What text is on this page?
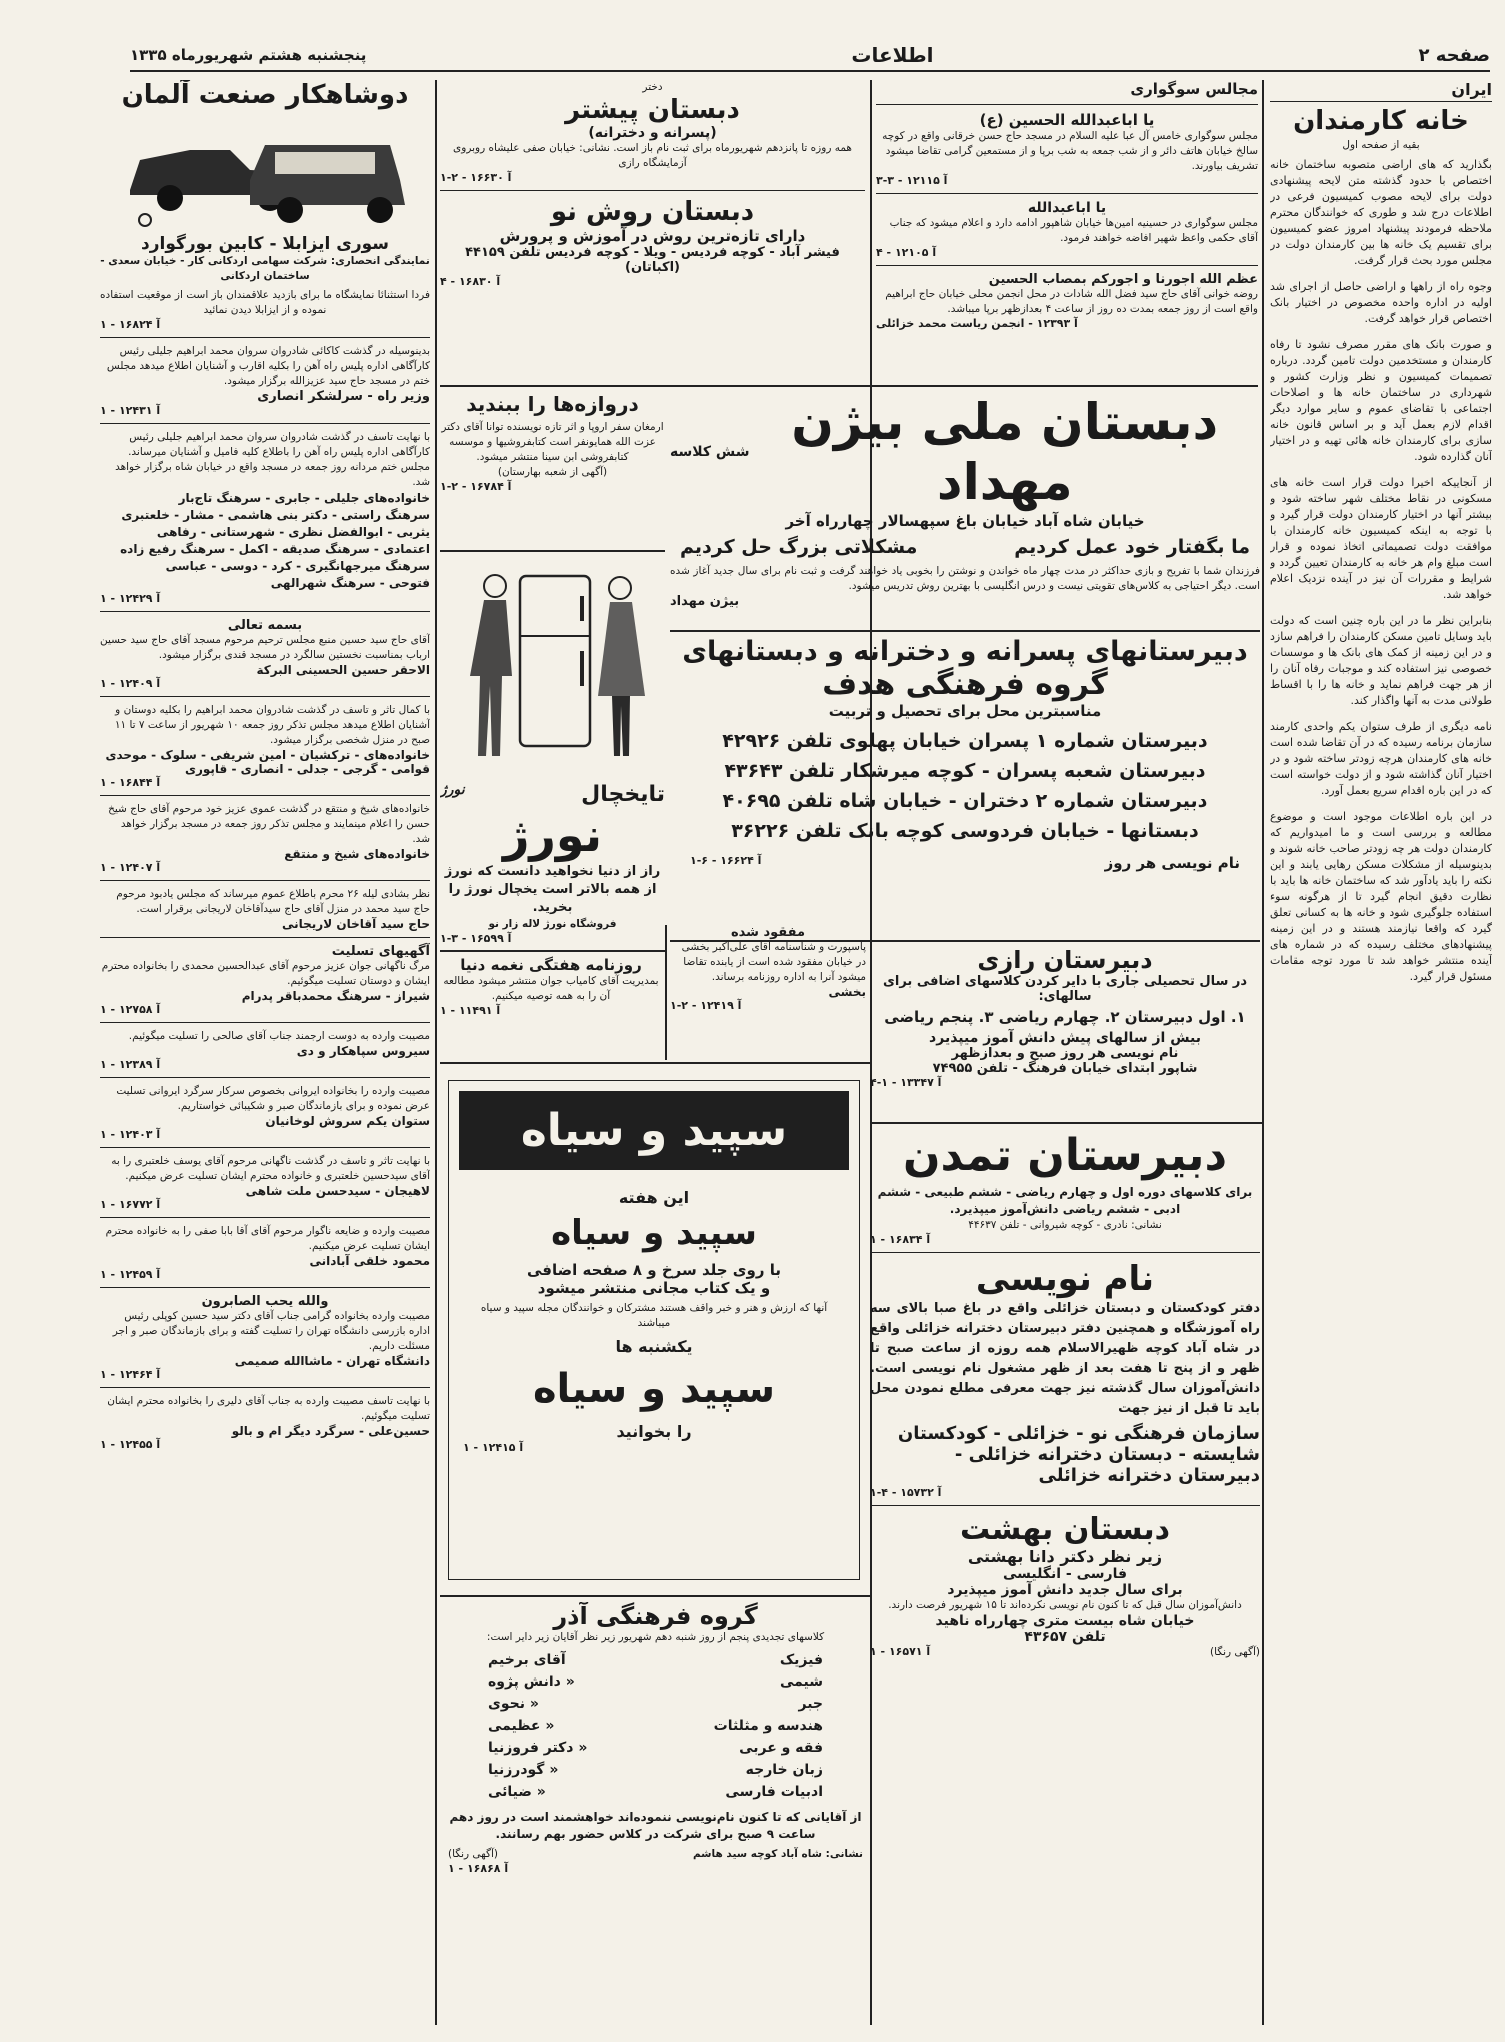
صفحه ۲
اطلاعات
پنجشنبه هشتم شهریورماه ۱۳۳۵
ایران
خانه کارمندان
بقیه از صفحه اول

بگذارید که های اراضی متصوبه ساختمان خانه اختصاص با حدود گذشته متن لایحه پیشنهادی دولت برای لایحه مصوب کمیسیون فرعی در اطلاعات درج شد و طوری که خوانندگان محترم ملاحظه فرمودند پیشنهاد امروز عضو کمیسیون برای تقسیم یک خانه ها بین کارمندان دولت در مجلس مورد بحث قرار گرفت.

وجوه راه از راهها و اراضی حاصل از اجرای شد اولیه در اداره واحده مخصوص در اختیار بانک اختصاص قرار خواهد گرفت.

و صورت بانک های مقرر مصرف نشود تا رفاه کارمندان و مستخدمین دولت تامین گردد. درباره تصمیمات کمیسیون و نظر وزارت کشور و شهرداری در ساختمان خانه ها و اصلاحات اجتماعی با تقاضای عموم و سایر موارد دیگر اقدام لازم بعمل آید و بر اساس قانون خانه سازی برای کارمندان خانه هائی تهیه و در اختیار آنان گذارده شود.

از آنجاییکه اخیرا دولت قرار است خانه های مسکونی در نقاط مختلف شهر ساخته شود و بیشتر آنها در اختیار کارمندان دولت قرار گیرد و با توجه به اینکه کمیسیون خانه کارمندان با موافقت دولت تصمیماتی اتخاذ نموده و قرار است مبلغ وام هر خانه به کارمندان تعیین گردد و شرایط و مقررات آن نیز در آینده نزدیک اعلام خواهد شد.

بنابراین نظر ما در این باره چنین است که دولت باید وسایل تامین مسکن کارمندان را فراهم سازد و در این زمینه از کمک های بانک ها و موسسات خصوصی نیز استفاده کند و موجبات رفاه آنان را از هر جهت فراهم نماید و خانه ها را با اقساط طولانی مدت به آنها واگذار کند.

نامه دیگری از طرف ستوان یکم واحدی کارمند سازمان برنامه رسیده که در آن تقاضا شده است خانه های کارمندان هرچه زودتر ساخته شود و در اختیار آنان گذاشته شود و از دولت خواسته است که در این باره اقدام سریع بعمل آورد.

در این باره اطلاعات موجود است و موضوع مطالعه و بررسی است و ما امیدواریم که کارمندان دولت هر چه زودتر صاحب خانه شوند و بدینوسیله از مشکلات مسکن رهایی یابند و این نکته را باید یادآور شد که ساختمان خانه ها باید با نظارت دقیق انجام گیرد تا از هرگونه سوء استفاده جلوگیری شود و خانه ها به کسانی تعلق گیرد که واقعا نیازمند هستند و در این زمینه پیشنهادهای مختلف رسیده که در شماره های آینده منتشر خواهد شد تا مورد توجه مقامات مسئول قرار گیرد.

مجالس سوگواری
یا اباعبدالله الحسین (ع)

مجلس سوگواری خامس آل عبا علیه السلام در مسجد حاج حسن خرقانی واقع در کوچه سالخ خیابان هاتف دائر و از شب جمعه به شب برپا و از مستمعین گرامی تقاضا میشود تشریف بیاورند.

آ ۱۲۱۱۵ - ۳-۳
یا اباعبدالله

مجلس سوگواری در حسینیه امین‌ها خیابان شاهپور ادامه دارد و اعلام میشود که جناب آقای حکمی واعظ شهیر افاضه خواهند فرمود.

آ ۱۲۱۰۵ - ۴
عظم الله اجورنا و اجورکم بمصاب الحسین

روضه خوانی آقای حاج سید فضل الله شادات در محل انجمن محلی خیابان حاج ابراهیم واقع است از روز جمعه بمدت ده روز از ساعت ۴ بعدازظهر برپا میباشد.

آ ۱۲۳۹۳ - انجمن ریاست محمد خزائلی
دختر
دبستان پیشتر
(پسرانه و دخترانه)

همه روزه تا پانزدهم شهریورماه برای ثبت نام باز است. نشانی: خیابان صفی علیشاه روبروی آزمایشگاه رازی

آ ۱۶۶۳۰ - ۲-۱
دبستان روش نو
دارای تازه‌ترین روش در آموزش و پرورش
فیشر آباد - کوچه فردیس - ویلا - کوچه فردیس تلفن ۴۴۱۵۹ (اکباتان)
آ ۱۶۸۳۰ - ۴
دروازه‌ها را ببندید

ارمغان سفر اروپا و اثر تازه نویسنده توانا آقای دکتر عزت الله همایونفر است کتابفروشیها و موسسه کتابفروشی ابن سینا منتشر میشود.

(آگهی از شعبه بهارستان)
آ ۱۶۷۸۴ - ۲-۱
تایخچال
نورژ
نورژ

راز از دنیا نخواهید دانست که نورژ از همه بالاتر است یخچال نورژ را بخرید.

فروشگاه نورژ لاله زار نو
آ ۱۶۵۹۹ - ۳-۱
روزنامه هفتگی نغمه دنیا

بمدیریت آقای کامیاب جوان منتشر میشود مطالعه آن را به همه توصیه میکنیم.

آ ۱۱۴۹۱ - ۱
مفقود شده

پاسپورت و شناسنامه آقای علی‌اکبر بخشی در خیابان مفقود شده است از یابنده تقاضا میشود آنرا به اداره روزنامه برساند.

بخشی
آ ۱۲۴۱۹ - ۲-۱
سپید و سیاه
این هفته
سپید و سیاه
با روی جلد سرخ و ۸ صفحه اضافی
و یک کتاب مجانی منتشر میشود

آنها که ارزش و هنر و خبر واقف هستند مشترکان و خوانندگان مجله سپید و سیاه میباشند

یکشنبه ها
سپید و سیاه
را بخوانید
آ ۱۲۴۱۵ - ۱
گروه فرهنگی آذر

کلاسهای تجدیدی پنجم از روز شنبه دهم شهریور زیر نظر آقایان زیر دایر است:

فیزیک
آقای برخیم
شیمی
« دانش پژوه
جبر
« نحوی
هندسه و مثلثات
« عظیمی
فقه و عربی
« دکتر فروزنیا
زبان خارجه
« گودرزنیا
ادبیات فارسی
« ضیائی

از آقایانی که تا کنون نام‌نویسی ننموده‌اند خواهشمند است در روز دهم ساعت ۹ صبح برای شرکت در کلاس حضور بهم رسانند.

نشانی: شاه آباد کوچه سید هاشم
(آگهی رنگا)
آ ۱۶۸۶۸ - ۱
دبستان ملی بیژن مهداد
شش کلاسه
خیابان شاه آباد خیابان باغ سپهسالار چهارراه آخر
ما بگفتار خود عمل کردیم
مشکلاتی بزرگ حل کردیم

فرزندان شما با تفریح و بازی حداکثر در مدت چهار ماه خواندن و نوشتن را بخوبی یاد خواهند گرفت و ثبت نام برای سال جدید آغاز شده است. دیگر احتیاجی به کلاس‌های تقویتی نیست و درس انگلیسی با بهترین روش تدریس میشود.

بیژن مهداد
دبیرستانهای پسرانه و دخترانه و دبستانهای
گروه فرهنگی هدف
مناسبترین محل برای تحصیل و تربیت
دبیرستان شماره ۱ پسران خیابان پهلوی تلفن ۴۲۹۲۶
دبیرستان شعبه پسران - کوچه میرشکار تلفن ۴۳۶۴۳
دبیرستان شماره ۲ دختران - خیابان شاه تلفن ۴۰۶۹۵
دبستانها - خیابان فردوسی کوچه بانک تلفن ۳۶۲۲۶
نام نویسی هر روز
آ ۱۶۶۲۴ - ۶-۱
دبیرستان رازی
در سال تحصیلی جاری با دایر کردن کلاسهای اضافی برای سالهای:
۱. اول دبیرستان ۲. چهارم ریاضی ۳. پنجم ریاضی
بیش از سالهای پیش دانش آموز میپذیرد
نام نویسی هر روز صبح و بعدازظهر
شاپور ابتدای خیابان فرهنگ - تلفن ۷۴۹۵۵
آ ۱۳۳۴۷ - ۱-۴
دبیرستان تمدن

برای کلاسهای دوره اول و چهارم ریاضی - ششم طبیعی - ششم ادبی - ششم ریاضی دانش‌آموز میپذیرد.

نشانی: نادری - کوچه شیروانی - تلفن ۴۴۶۳۷
آ ۱۶۸۳۴ - ۱
نام نویسی

دفتر کودکستان و دبستان خزائلی واقع در باغ صبا بالای سه راه آموزشگاه و همچنین دفتر دبیرستان دخترانه خزائلی واقع در شاه آباد کوچه ظهیرالاسلام همه روزه از ساعت صبح تا ظهر و از پنج تا هفت بعد از ظهر مشغول نام نویسی است. دانش‌آموزان سال گذشته نیز جهت معرفی مطلع نمودن محل باید تا قبل از نیز جهت

سازمان فرهنگی نو - خزائلی - کودکستان
شایسته - دبستان دخترانه خزائلی -
دبیرستان دخترانه خزائلی
آ ۱۵۷۳۲ - ۴-۱
دبستان بهشت
زیر نظر دکتر دانا بهشتی
فارسی - انگلیسی
برای سال جدید دانش آموز میپذیرد

دانش‌آموزان سال قبل که تا کنون نام نویسی نکرده‌اند تا ۱۵ شهریور فرصت دارند.

خیابان شاه بیست متری چهارراه ناهید
تلفن ۴۳۶۵۷
(آگهی رنگا)
آ ۱۶۵۷۱ - ۱
دوشاهکار صنعت آلمان
سوری ایزابلا - کابین بورگوارد
نمایندگی انحصاری: شرکت سهامی اردکانی کار - خیابان سعدی - ساختمان اردکانی

فردا استثنائا نمایشگاه ما برای بازدید علاقمندان باز است از موقعیت استفاده نموده و از ایزابلا دیدن نمائید

آ ۱۶۸۲۴ - ۱

بدینوسیله در گذشت کاکائی شادروان سروان محمد ابراهیم جلیلی رئیس کارآگاهی اداره پلیس راه آهن را بکلیه اقارب و آشنایان اطلاع میدهد مجلس ختم در مسجد حاج سید عزیزالله برگزار میشود.

وزیر راه - سرلشکر انصاری
آ ۱۲۴۳۱ - ۱

با نهایت تاسف در گذشت شادروان سروان محمد ابراهیم جلیلی رئیس کارآگاهی اداره پلیس راه آهن را باطلاع کلیه فامیل و آشنایان میرساند. مجلس ختم مردانه روز جمعه در مسجد واقع در خیابان شاه برگزار خواهد شد.

خانواده‌های جلیلی - جابری - سرهنگ تاج‌بار
سرهنگ راستی - دکتر بنی هاشمی - مشار - خلعتبری
یثربی - ابوالفضل نظری - شهرستانی - رفاهی
اعتمادی - سرهنگ صدیقه - اکمل - سرهنگ رفیع زاده
سرهنگ میرجهانگیری - کرد - دوسی - عباسی
فتوحی - سرهنگ شهرالهی
آ ۱۲۴۲۹ - ۱
بسمه تعالی

آقای حاج سید حسین منبع مجلس ترحیم مرحوم مسجد آقای حاج سید حسین ارباب بمناسبت نخستین سالگرد در مسجد قندی برگزار میشود.

الاحقر حسین الحسینی البرکة
آ ۱۲۴۰۹ - ۱

با کمال تاثر و تاسف در گذشت شادروان محمد ابراهیم را بکلیه دوستان و آشنایان اطلاع میدهد مجلس تذکر روز جمعه ۱۰ شهریور از ساعت ۷ تا ۱۱ صبح در منزل شخصی برگزار میشود.

خانواده‌های - ترکشیان - امین شریفی - سلوک - موحدی
قوامی - گرجی - جدلی - انصاری - قاپوری
آ ۱۶۸۴۴ - ۱

خانواده‌های شیخ و منتقع در گذشت عموی عزیز خود مرحوم آقای حاج شیخ حسن را اعلام مینمایند و مجلس تذکر روز جمعه در مسجد برگزار خواهد شد.

خانواده‌های شیخ و منتقع
آ ۱۲۴۰۷ - ۱

نظر بشادی لیله ۲۶ محرم باطلاع عموم میرساند که مجلس یادبود مرحوم حاج سید محمد در منزل آقای حاج سیدآقاخان لاریجانی برقرار است.

حاج سید آقاخان لاریجانی
آگهیهای تسلیت

مرگ ناگهانی جوان عزیز مرحوم آقای عبدالحسین محمدی را بخانواده محترم ایشان و دوستان تسلیت میگوئیم.

شیراز - سرهنگ محمدباقر پدرام
آ ۱۲۷۵۸ - ۱

مصیبت وارده به دوست ارجمند جناب آقای صالحی را تسلیت میگوئیم.

سیروس سپاهکار و دی
آ ۱۲۳۸۹ - ۱

مصیبت وارده را بخانواده ایروانی بخصوص سرکار سرگرد ایروانی تسلیت عرض نموده و برای بازماندگان صبر و شکیبائی خواستاریم.

ستوان یکم سروش لوخانیان
آ ۱۲۴۰۳ - ۱

با نهایت تاثر و تاسف در گذشت ناگهانی مرحوم آقای یوسف خلعتبری را به آقای سیدحسین خلعتبری و خانواده محترم ایشان تسلیت عرض میکنیم.

لاهیجان - سیدحسن ملت شاهی
آ ۱۶۷۷۲ - ۱

مصیبت وارده و ضایعه ناگوار مرحوم آقای آقا بابا صفی را به خانواده محترم ایشان تسلیت عرض میکنیم.

محمود خلقی آبادانی
آ ۱۲۴۵۹ - ۱
والله یحب الصابرون

مصیبت وارده بخانواده گرامی جناب آقای دکتر سید حسین کوپلی رئیس اداره بازرسی دانشگاه تهران را تسلیت گفته و برای بازماندگان صبر و اجر مسئلت داریم.

دانشگاه تهران - ماشاالله صمیمی
آ ۱۲۴۶۴ - ۱

با نهایت تاسف مصیبت وارده به جناب آقای دلیری را بخانواده محترم ایشان تسلیت میگوئیم.

حسین‌علی - سرگرد دیگر ام و بالو
آ ۱۲۴۵۵ - ۱
